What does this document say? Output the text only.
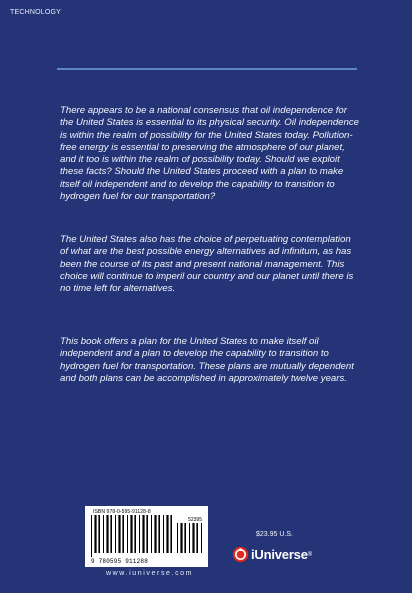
TECHNOLOGY

There appears to be a national consensus that oil independence for the United States is essential to its physical security. Oil independence is within the realm of possibility for the United States today. Pollution-free energy is essential to preserving the atmosphere of our planet, and it too is within the realm of possibility today. Should we exploit these facts? Should the United States proceed with a plan to make itself oil independent and to develop the capability to transition to hydrogen fuel for our transportation?

The United States also has the choice of perpetuating contemplation of what are the best possible energy alternatives ad infinitum, as has been the course of its past and present national management. This choice will continue to imperil our country and our planet until there is no time left for alternatives.

This book offers a plan for the United States to make itself oil independent and a plan to develop the capability to transition to hydrogen fuel for transportation. These plans are mutually dependent and both plans can be accomplished in approximately twelve years.

ISBN 978-0-595-91128-8
52395
9 780595 911288
www.iuniverse.com
$23.95 U.S.
iUniverse ®
